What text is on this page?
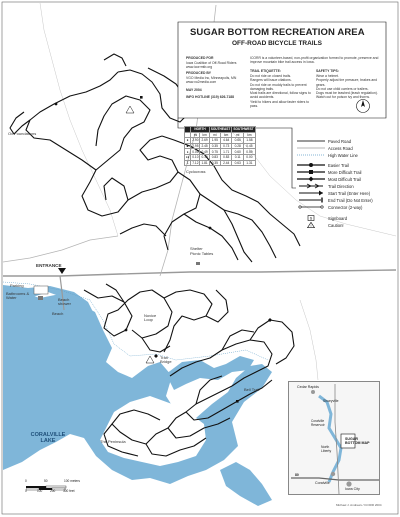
SUGAR BOTTOM RECREATION AREA
OFF-ROAD BICYCLE TRAILS
PRODUCED FOR
Iowa Coalition of Off-Road Riders
www.icorrmtb.org
PRODUCED BY
VGO Media Inc, Minneapolis, MN
www.vo2media.com
MAY 2004
INFO HOTLINE (319) 626-7188
ICORR is a volunteer-based, non-profit organization formed to promote, preserve and improve mountain bike trail access in Iowa.
TRAIL ETIQUETTE:
Do not ride on closed trails.
Rangers will issue citations.
Do not ride on muddy trails to prevent damaging trails.
Most trails are directional, follow signs to avoid accidents.
Yield to hikers and allow faster riders to pass.
SAFETY TIPS:
Wear a helmet.
Properly adjust tire pressure, brakes and gears.
Do not use child carriers or trailers.
Dogs must be leashed (leash regulation).
Watch out for poison ivy and thorns.
	NORTH		SOUTHEAST		SOUTHWEST	
	mi	km	mi	km	mi	km
●	2.90	2.69	1.95	4.64	0.60	1.58
■	2.95	2.45	0.35	0.73	0.28	0.45
♦	0.05	0.49	0.75	1.71	0.60	0.59
♦♦	0.10	0.19	0.83	0.83	0.11	0.00
Σ	7.12	1.81	0.35	2.44	0.63	1.31
Paved Road
Access Road
High Water Line
Easier Trail
More Difficult Trail
Most Difficult Trail
Trail Direction
Start Trail (Enter Here)
End Trail (Do Not Enter)
Connector (2-way)
S	Signboard
!	Caution!
Ox Foundations
Cyclocross
Shelter
Picnic Tables
ENTRANCE
Parking
Bathrooms & Water	Beach shower
Beach	Novice Loop
Trail Bridge
The Peninsula
Bell Trail
CORALVILLE LAKE
Cedar Rapids
Shueyville
Coralville Reservoir
North Liberty
SUGAR BOTTOM MAP
Coralville
Iowa City
80
0	50	100 meters
0	100 200 300 feet
Michael J. Andrews / ICORR 2004
